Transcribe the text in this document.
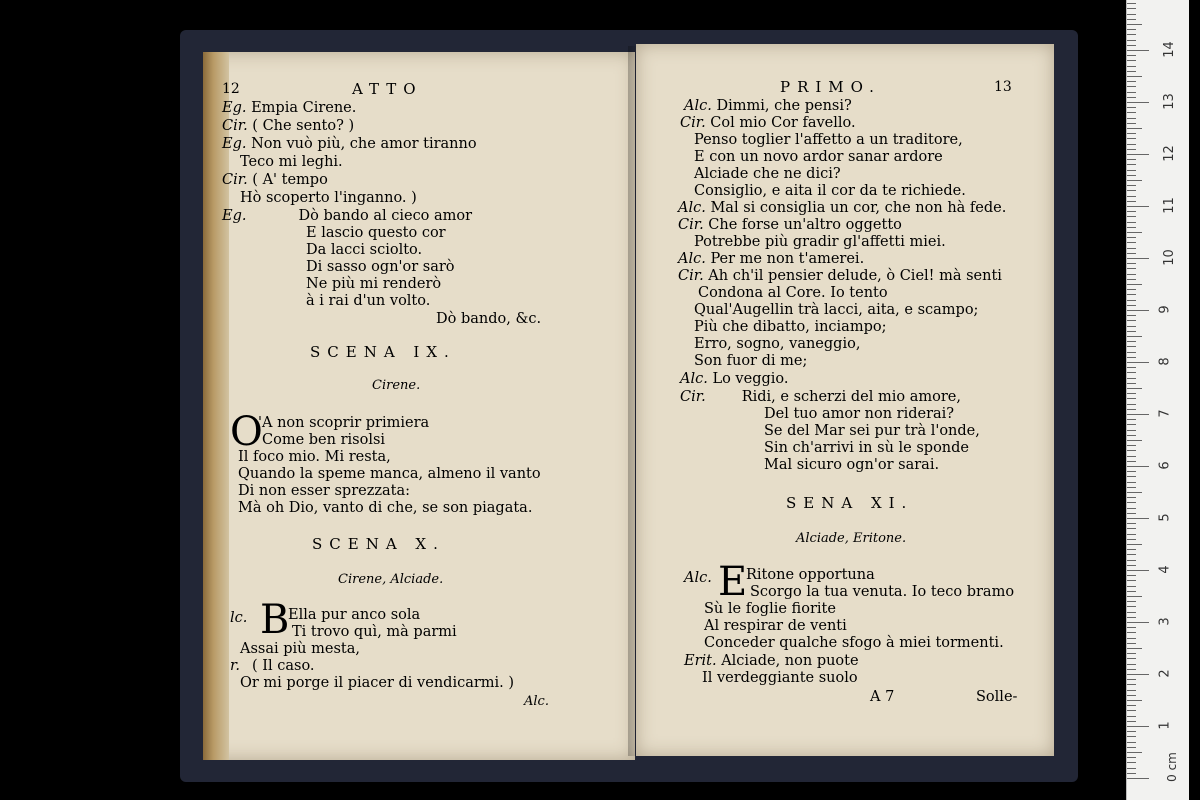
12	ATTO
Eg. Empia Cirene.
Cir. ( Che sento? )
Eg. Non vuò più, che amor tiranno
Teco mi leghi.
Cir. ( A' tempo
Hò scoperto l'inganno. )
Eg.	Dò bando al cieco amor
E lascio questo cor
Da lacci sciolto.
Di sasso ogn'or sarò
Ne più mi renderò
à i rai d'un volto.
Dò bando, &c.
SCENA IX.
Cirene.
O
'A non scoprir primiera
Come ben risolsi
Il foco mio. Mi resta,
Quando la speme manca, almeno il vanto
Di non esser sprezzata:
Mà oh Dio, vanto di che, se son piagata.
SCENA X.
Cirene, Alciade.
lc. B
Ella pur anco sola
Ti trovo quì, mà parmi
Assai più mesta,
r. ( Il caso.
Or mi porge il piacer di vendicarmi. )
Alc.
PRIMO.	13
Alc. Dimmi, che pensi?
Cir. Col mio Cor favello.
Penso toglier l'affetto a un traditore,
E con un novo ardor sanar ardore
Alciade che ne dici?
Consiglio, e aita il cor da te richiede.
Alc. Mal si consiglia un cor, che non hà fede.
Cir. Che forse un'altro oggetto
Potrebbe più gradir gl'affetti miei.
Alc. Per me non t'amerei.
Cir. Ah ch'il pensier delude, ò Ciel! mà senti
Condona al Core. Io tento
Qual'Augellin trà lacci, aita, e scampo;
Più che dibatto, inciampo;
Erro, sogno, vaneggio,
Son fuor di me;
Alc. Lo veggio.
Cir. Ridi, e scherzi del mio amore,
Del tuo amor non riderai?
Se del Mar sei pur trà l'onde,
Sin ch'arrivi in sù le sponde
Mal sicuro ogn'or sarai.
SENA XI.
Alciade, Eritone.
Alc. E
Ritone opportuna
Scorgo la tua venuta. Io teco bramo
Sù le foglie fiorite
Al respirar de venti
Conceder qualche sfogo à miei tormenti.
Erit. Alciade, non puote
Il verdeggiante suolo
A 7	Solle-
0 cm
1
2
3
4
5
6
7
8
9
10
11
12
13
14
